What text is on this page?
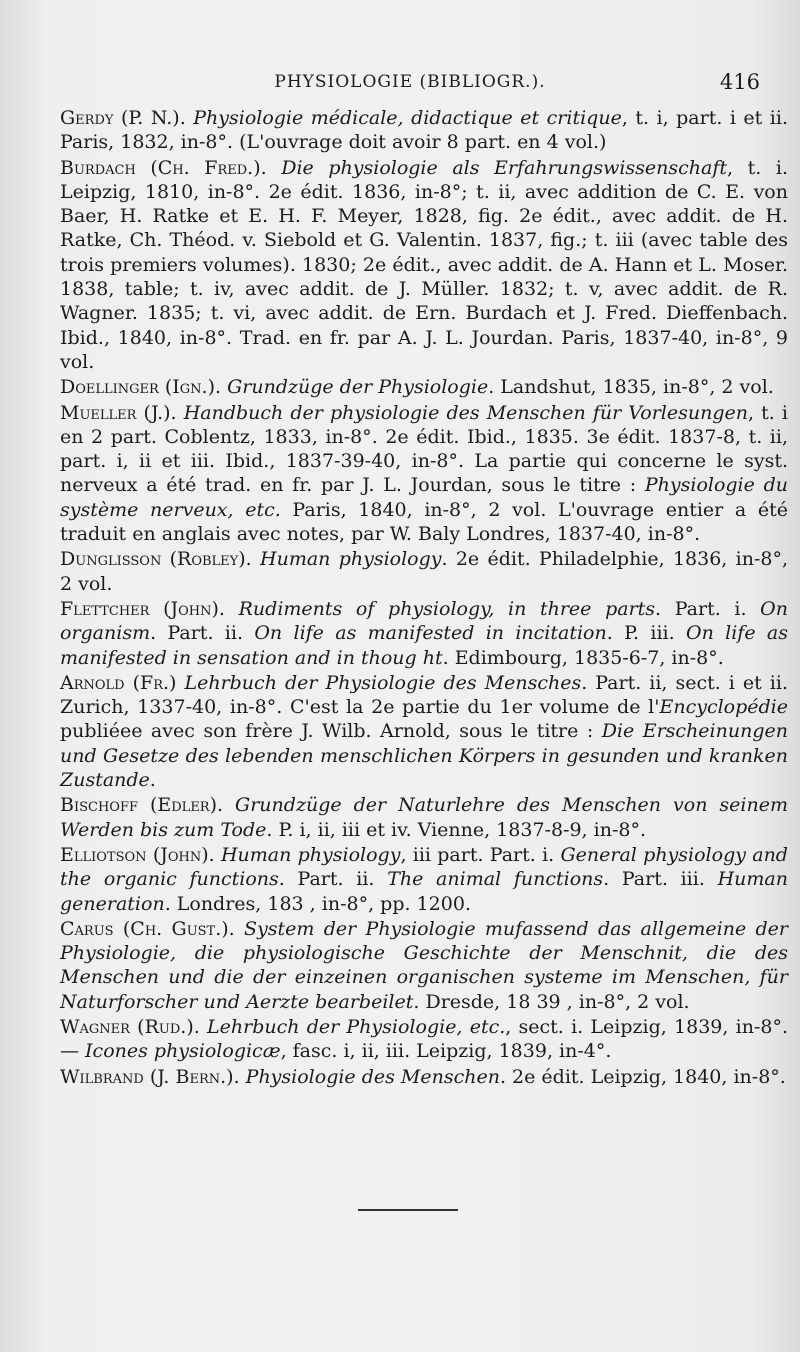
PHYSIOLOGIE (BIBLIOGR.).	416

Gerdy (P. N.). Physiologie médicale, didactique et critique, t. i, part. i et ii. Paris, 1832, in-8°. (L'ouvrage doit avoir 8 part. en 4 vol.)

Burdach (Ch. Fred.). Die physiologie als Erfahrungswissenschaft, t. i. Leipzig, 1810, in-8°. 2e édit. 1836, in-8°; t. ii, avec addition de C. E. von Baer, H. Ratke et E. H. F. Meyer, 1828, fig. 2e édit., avec addit. de H. Ratke, Ch. Théod. v. Siebold et G. Valentin. 1837, fig.; t. iii (avec table des trois premiers volumes). 1830; 2e édit., avec addit. de A. Hann et L. Moser. 1838, table; t. iv, avec addit. de J. Müller. 1832; t. v, avec addit. de R. Wagner. 1835; t. vi, avec addit. de Ern. Burdach et J. Fred. Dieffenbach. Ibid., 1840, in-8°. Trad. en fr. par A. J. L. Jourdan. Paris, 1837-40, in-8°, 9 vol.

Doellinger (Ign.). Grundzüge der Physiologie. Landshut, 1835, in-8°, 2 vol.

Mueller (J.). Handbuch der physiologie des Menschen für Vorlesungen, t. i en 2 part. Coblentz, 1833, in-8°. 2e édit. Ibid., 1835. 3e édit. 1837-8, t. ii, part. i, ii et iii. Ibid., 1837-39-40, in-8°. La partie qui concerne le syst. nerveux a été trad. en fr. par J. L. Jourdan, sous le titre : Physiologie du système nerveux, etc. Paris, 1840, in-8°, 2 vol. L'ouvrage entier a été traduit en anglais avec notes, par W. Baly Londres, 1837-40, in-8°.

Dunglisson (Robley). Human physiology. 2e édit. Philadelphie, 1836, in-8°, 2 vol.

Flettcher (John). Rudiments of physiology, in three parts. Part. i. On organism. Part. ii. On life as manifested in incitation. P. iii. On life as manifested in sensation and in thoug ht. Edimbourg, 1835-6-7, in-8°.

Arnold (Fr.) Lehrbuch der Physiologie des Mensches. Part. ii, sect. i et ii. Zurich, 1337-40, in-8°. C'est la 2e partie du 1er volume de l'Encyclopédie publiéee avec son frère J. Wilb. Arnold, sous le titre : Die Erscheinungen und Gesetze des lebenden menschlichen Körpers in gesunden und kranken Zustande.

Bischoff (Edler). Grundzüge der Naturlehre des Menschen von seinem Werden bis zum Tode. P. i, ii, iii et iv. Vienne, 1837-8-9, in-8°.

Elliotson (John). Human physiology, iii part. Part. i. General physiology and the organic functions. Part. ii. The animal functions. Part. iii. Human generation. Londres, 183 , in-8°, pp. 1200.

Carus (Ch. Gust.). System der Physiologie mufassend das allgemeine der Physiologie, die physiologische Geschichte der Menschnit, die des Menschen und die der einzeinen organischen systeme im Menschen, für Naturforscher und Aerzte bearbeilet. Dresde, 18 39 , in-8°, 2 vol.

Wagner (Rud.). Lehrbuch der Physiologie, etc., sect. i. Leipzig, 1839, in-8°.— Icones physiologicæ, fasc. i, ii, iii. Leipzig, 1839, in-4°.

Wilbrand (J. Bern.). Physiologie des Menschen. 2e édit. Leipzig, 1840, in-8°.
